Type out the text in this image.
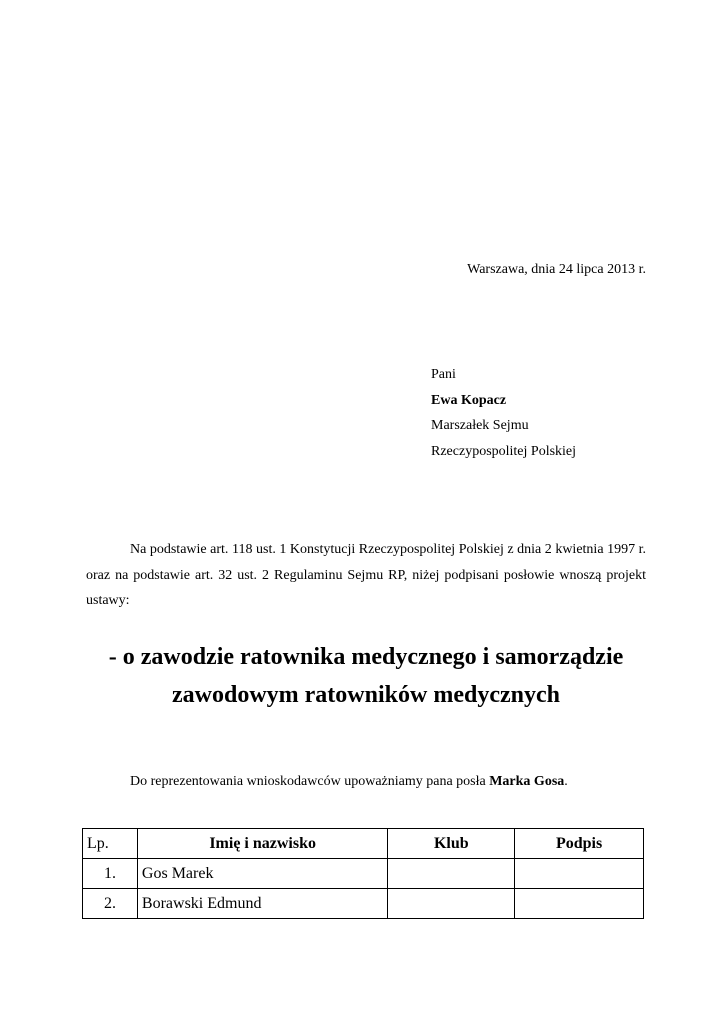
Warszawa, dnia 24 lipca 2013 r.
Pani
Ewa Kopacz
Marszałek Sejmu
Rzeczypospolitej Polskiej

Na podstawie art. 118 ust. 1 Konstytucji Rzeczypospolitej Polskiej z dnia 2 kwietnia 1997 r. oraz na podstawie art. 32 ust. 2 Regulaminu Sejmu RP, niżej podpisani posłowie wnoszą projekt ustawy:

- o zawodzie ratownika medycznego i samorządzie
zawodowym ratowników medycznych
Do reprezentowania wnioskodawców upoważniamy pana posła Marka Gosa.
Lp.	Imię i nazwisko	Klub	Podpis
1.	Gos Marek		
2.	Borawski Edmund		
